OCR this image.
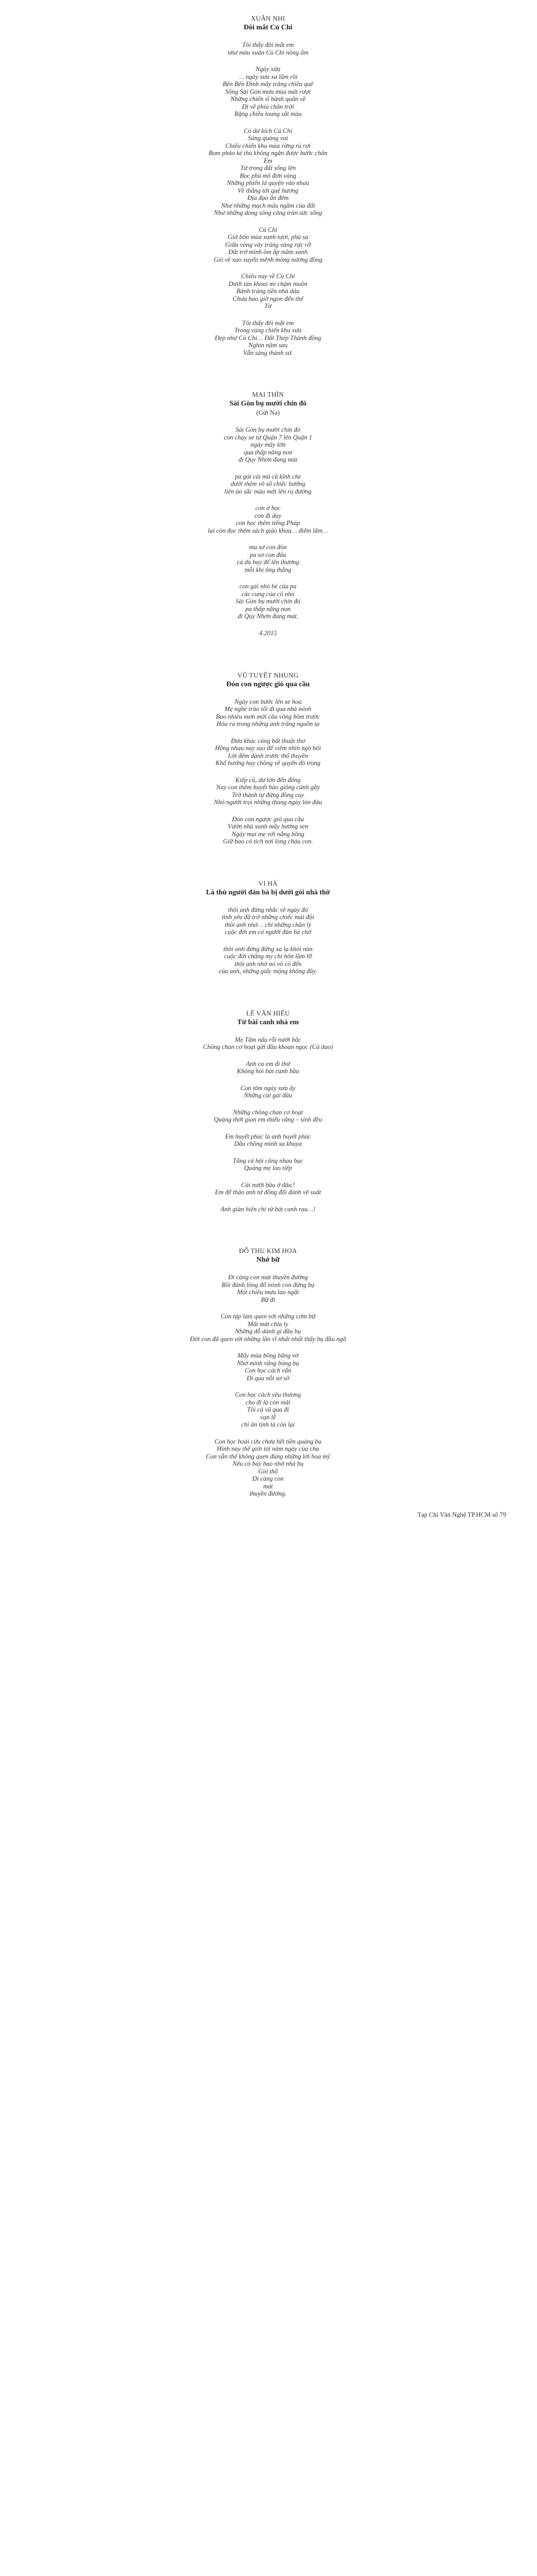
XUÂN NHI
Đôi mắt Củ Chi
Tôi thấy đôi mắt em
như màu xuân Củ Chi nồng ấm
Ngày xửa
… ngày xưa xa lắm rồi
Bên Bến Đình mây trắng chiều quê
Sông Sài Gòn mưa mùa mát rượi
Những chiến sĩ hành quân về
Đi về phía chân trời
Rặng chiều loang sắt màu
Có dư kích Củ Chi
Súng quàng vai
Chiếu chiến khu mùa rừng rú rợi
Bom pháo kẻ thù không ngăn được bước chân
Em
Từ trong đất sống lên
Bọc phủ mô đơn vàng
Những phiến lá quyện vào nhau
Về thẳng tới quê hương
Địa đạo ẩn đêm
Như những mạch máu ngầm của đất
Như những dòng sông căng tràn sức sống
Củ Chi
Giờ bốn mùa xanh tươi, phù sa
Giữa vòng vây trảng vàng rực rỡ
Đất trở mình ôm ấp mầm xanh
Gió về xao xuyến mênh mông nương đồng
Chiều nay về Củ Chi
Dưới tán khoai mì chậm muộn
Bánh tráng tiền nhà dâu
Chưa bao giờ ngon đến thế
Từ
Tôi thấy đôi mắt em
Trong vùng chiến khu xưa
Đẹp như Củ Chi… Đất Thép Thành đồng
Nghìn năm sau
Vẫn sáng thành sử.
MAI THÌN
Sài Gòn bụ mười chín đó
(Gửi Na)
Sài Gòn bụ mười chín đó
con chạy xe từ Quận 7 lên Quận 1
ngày mây lớn
qua thấp nắng non
đi Quy Nhơn đang mát
pa gót cái mũ cũ kĩnh che
dưới thêm vô số chiếc hướng
liên ảo sắc màu mới lên ra đường
con ở học
con đi dạy
con học thêm tiếng Pháp
lại còn đọc thêm sách giáo khoa… điểm lấm…
ma sơ con đón
pa sơ con đâu
cả dù bay để lên thương
mỗi khi ông thắng
con gái nhỏ bé của pa
các cung của cô nhỏ
Sài Gòn bụ mười chín đó
pa thấp nắng non
đi Quy Nhơn đang mát.
4.2015
VŨ TUYẾT NHUNG
Đón con ngược gió qua cầu
Ngày con bước lên xe hoa
Mẹ nghe trào tối đi qua nhà mình
Bao nhiêu mơn mởi cầu vồng hôm trước
Hỏa ra trong những ánh trăng nguồn ta
Đưa khúc càng bất thuật thơ
Hồng nhau nay sao để viêm nhìn ngỏ bối
Lời đêm dành trước thổ thuyền
Khổ hướng hay chồng vẽ quyến đò trong
Kiếp cũ, dư lớn đến đồng
Nay con thêm huyết bào giông cánh gây
Trở thành tự đứng đồng cuy
Nhỏ người trọi những thang ngày lòn đâu
Đón con ngược gió qua cầu
Vườn nhà xanh mấy hướng sen
Ngày mai mẹ với nắng hồng
Giữ bao cỏ tích nơi lòng cháu con.
VI HÀ
Là thủ người đàn bà bị dưới gói nhà thờ
thôi anh đừng nhắc về ngày đó
tình yêu đã trở những chiếc mái đội
thôi anh nhớ… chỉ những chăn lý
cuộc đời em có người đàn bà chờ
thôi anh đừng đứng xa lạ khỏi nàn
cuộc đời chẳng my chỉ hôn lầm lỡ
thôi anh nhớ nó vô có đến
của anh, những giấc mộng không đầy.
LÊ VĂN HIẾU
Từ bài canh nhà em
Mẹ Tấm nấu rỗi nướt bắc
Chồng chan cơ hoạt gửi đầu khoan ngọc (Cà dao)
Anh ca em đi thứ
Không hỏi bát canh bầu
Con tôm ngày xưa ấy
Những cái gái đâu
Những chồng chan cơ hoạt
Quảng thời gian em thiếu vắng – sinh đều
Em huyết phúc là anh huyết phúc
Dấu chồng mình xa khuya
Tăng cả hội cũng nhau bạc
Quảng mẹ lao tiếp
Cái nướt bầu ở đâu?
Em để thảo anh tứ đồng đổi đánh vẽ suất
Anh giản hiên chi từ bát canh rau…!
ĐỖ THU KIM HOA
Nhớ bữ
Đi càng con mát thuyền đường
Rồi đành lòng đổ mình con đứng bụ
Một chiều mưa lao ngất
Bữ đi
Con tập làm quen với những cơm bữ
Mất mát chia ly
Những dỗ dành gỉ đầu bụ
Đời con đã quen với những lần vĩ nhất nhất thấy bụ đầu ngã
Mấy mùa bông băng vờ
Nhớ mình vắng bóng bụ
Con học cách vấn
Đi qua nỗi sơ sờ
Con học cách yêu thương
cho đi là còn mãi
Tôi cả vũ qua đi
vạn lễ
chỉ ăn tình là còn lại
Con học hoài cứu chưa hết tiền quảng bụ
Hình nay thế giới tôi năm ngày của cha
Con vẫn thế không quen đúng những lời hoa mỹ
Nếu có bảy bao nhớ nhà bụ
Gió thổ
Đi càng con
mát
thuyền đường.
Tạp Chí Văn Nghệ TP.HCM số 79
